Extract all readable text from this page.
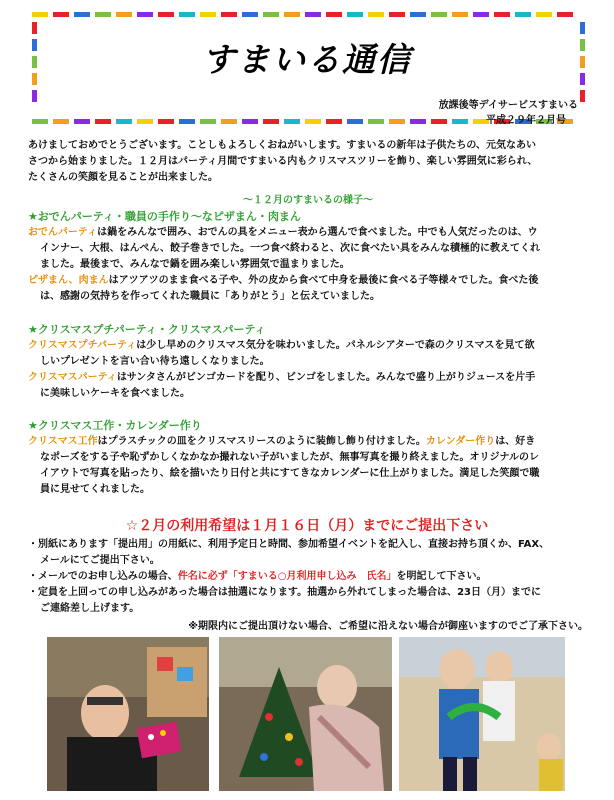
すまいる通信
放課後等デイサービスすまいる
平成２９年２月号
あけましておめでとうございます。ことしもよろしくおねがいします。すまいるの新年は子供たちの、元気なあい
さつから始まりました。１２月はパーティ月間ですまいる内もクリスマスツリーを飾り、楽しい雰囲気に彩られ、
たくさんの笑顔を見ることが出来ました。
～１２月のすまいるの様子～
★おでんパーティ・職員の手作り～なピザまん・肉まん
おでんパーティは鍋をみんなで囲み、おでんの具をメニュー表から選んで食べました。中でも人気だったのは、ウ
インナー、大根、はんぺん、餃子巻きでした。一つ食べ終わると、次に食べたい具をみんな積極的に教えてくれ
ました。最後まで、みんなで鍋を囲み楽しい雰囲気で温まりました。
ピザまん、肉まんはアツアツのまま食べる子や、外の皮から食べて中身を最後に食べる子等様々でした。食べた後
は、感謝の気持ちを作ってくれた職員に「ありがとう」と伝えていました。
★クリスマスプチパーティ・クリスマスパーティ
クリスマスプチパーティは少し早めのクリスマス気分を味わいました。パネルシアターで森のクリスマスを見て欲
しいプレゼントを言い合い待ち遠しくなりました。
クリスマスパーティはサンタさんがビンゴカードを配り、ビンゴをしました。みんなで盛り上がりジュースを片手
に美味しいケーキを食べました。
★クリスマス工作・カレンダー作り
クリスマス工作はプラスチックの皿をクリスマスリースのように装飾し飾り付けました。カレンダー作りは、好き
なポーズをする子や恥ずかしくなかなか撮れない子がいましたが、無事写真を撮り終えました。オリジナルのレ
イアウトで写真を貼ったり、絵を描いたり日付と共にすてきなカレンダーに仕上がりました。満足した笑顔で職
員に見せてくれました。
☆２月の利用希望は１月１６日（月）までにご提出下さい
・別紙にあります「提出用」の用紙に、利用予定日と時間、参加希望イベントを記入し、直接お持ち頂くか、FAX、
メールにてご提出下さい。
・メールでのお申し込みの場合、件名に必ず「すまいる○月利用申し込み　氏名」を明記して下さい。
・定員を上回っての申し込みがあった場合は抽選になります。抽選から外れてしまった場合は、23日（月）までに
ご連絡差し上げます。
※期限内にご提出頂けない場合、ご希望に沿えない場合が御座いますのでご了承下さい。
